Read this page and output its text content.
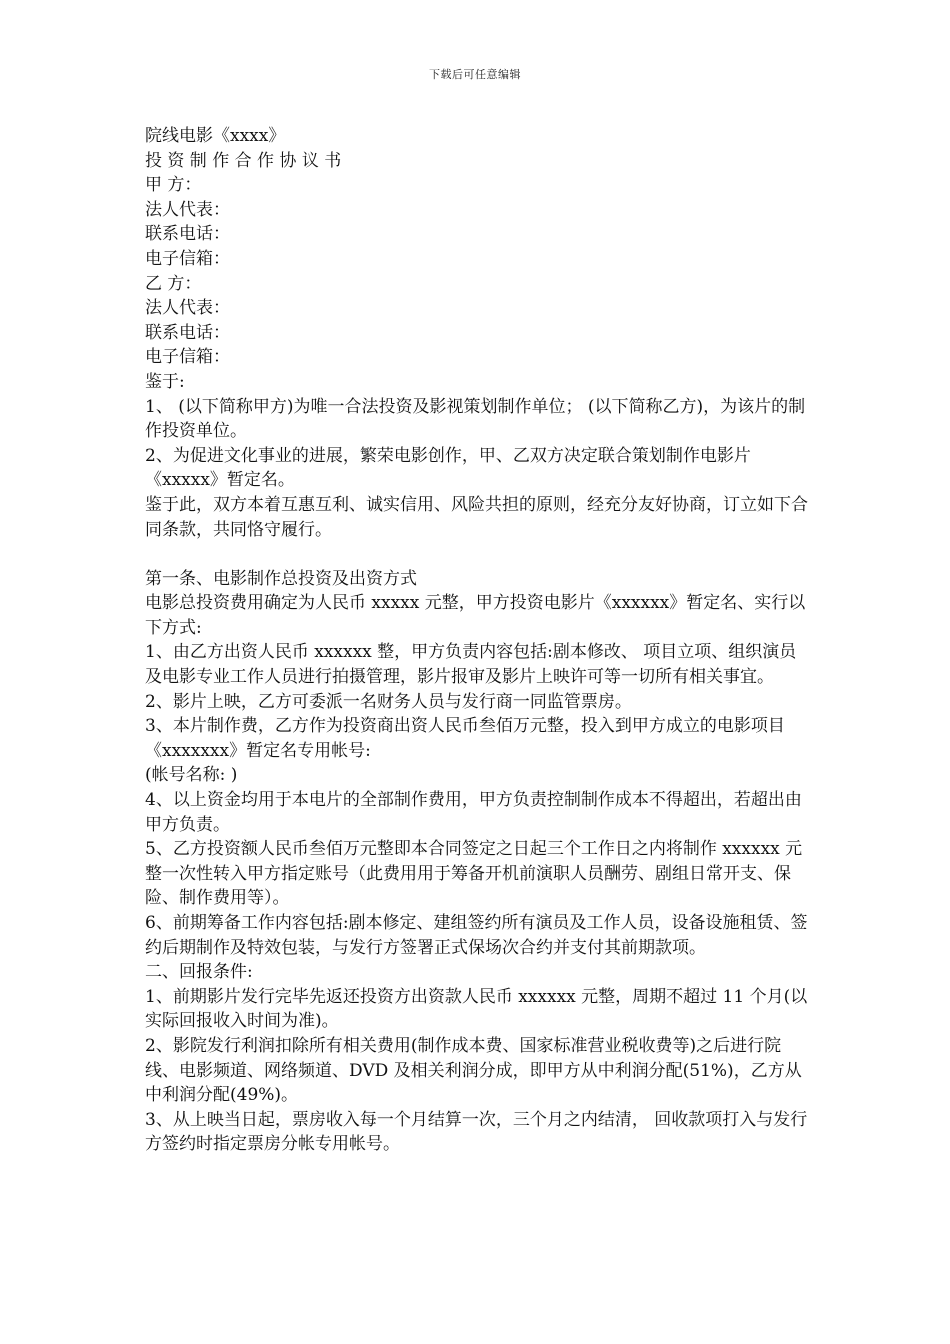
下载后可任意编辑

院线电影《xxxx》

投 资 制 作 合 作 协 议 书

甲 方：

法人代表：

联系电话：

电子信箱：

乙 方：

法人代表：

联系电话：

电子信箱：

鉴于:

1、 (以下简称甲方)为唯一合法投资及影视策划制作单位； (以下简称乙方)，为该片的制作投资单位。

2、为促进文化事业的进展，繁荣电影创作，甲、乙双方决定联合策划制作电影片《xxxxx》暂定名。

鉴于此，双方本着互惠互利、诚实信用、风险共担的原则，经充分友好协商，订立如下合同条款，共同恪守履行。

第一条、电影制作总投资及出资方式

电影总投资费用确定为人民币 xxxxx 元整，甲方投资电影片《xxxxxx》暂定名、实行以下方式:

1、由乙方出资人民币 xxxxxx 整，甲方负责内容包括:剧本修改、 项目立项、组织演员及电影专业工作人员进行拍摄管理，影片报审及影片上映许可等一切所有相关事宜。

2、影片上映，乙方可委派一名财务人员与发行商一同监管票房。

3、本片制作费，乙方作为投资商出资人民币叁佰万元整，投入到甲方成立的电影项目《xxxxxxx》暂定名专用帐号:

(帐号名称: )

4、以上资金均用于本电片的全部制作费用，甲方负责控制制作成本不得超出，若超出由甲方负责。

5、乙方投资额人民币叁佰万元整即本合同签定之日起三个工作日之内将制作 xxxxxx 元整一次性转入甲方指定账号（此费用用于筹备开机前演职人员酬劳、剧组日常开支、保险、制作费用等）。

6、前期筹备工作内容包括:剧本修定、建组签约所有演员及工作人员，设备设施租赁、签约后期制作及特效包装，与发行方签署正式保场次合约并支付其前期款项。

二、回报条件:

1、前期影片发行完毕先返还投资方出资款人民币 xxxxxx 元整，周期不超过 11 个月(以实际回报收入时间为准)。

2、影院发行利润扣除所有相关费用(制作成本费、国家标准营业税收费等)之后进行院线、电影频道、网络频道、DVD 及相关利润分成，即甲方从中利润分配(51%)，乙方从中利润分配(49%)。

3、从上映当日起，票房收入每一个月结算一次，三个月之内结清， 回收款项打入与发行方签约时指定票房分帐专用帐号。
